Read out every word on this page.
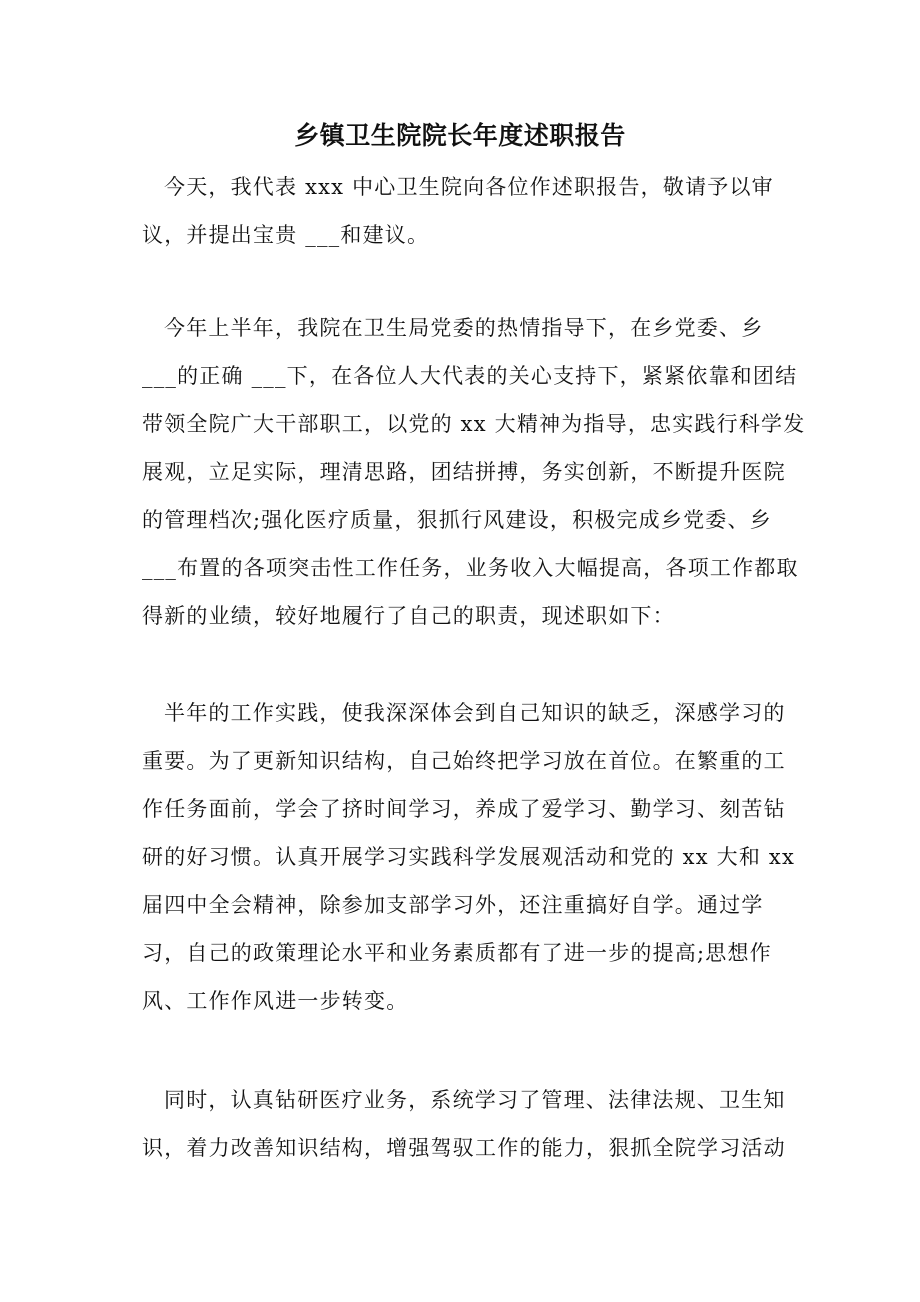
乡镇卫生院院长年度述职报告
今天，我代表 xxx 中心卫生院向各位作述职报告，敬请予以审
议，并提出宝贵 ___和建议。
今年上半年，我院在卫生局党委的热情指导下，在乡党委、乡
___的正确 ___下，在各位人大代表的关心支持下，紧紧依靠和团结
带领全院广大干部职工，以党的 xx 大精神为指导，忠实践行科学发
展观，立足实际，理清思路，团结拼搏，务实创新，不断提升医院
的管理档次;强化医疗质量，狠抓行风建设，积极完成乡党委、乡
___布置的各项突击性工作任务，业务收入大幅提高，各项工作都取
得新的业绩，较好地履行了自己的职责，现述职如下：
半年的工作实践，使我深深体会到自己知识的缺乏，深感学习的
重要。为了更新知识结构，自己始终把学习放在首位。在繁重的工
作任务面前，学会了挤时间学习，养成了爱学习、勤学习、刻苦钻
研的好习惯。认真开展学习实践科学发展观活动和党的 xx 大和 xx
届四中全会精神，除参加支部学习外，还注重搞好自学。通过学
习，自己的政策理论水平和业务素质都有了进一步的提高;思想作
风、工作作风进一步转变。
同时，认真钻研医疗业务，系统学习了管理、法律法规、卫生知
识，着力改善知识结构，增强驾驭工作的能力，狠抓全院学习活动
